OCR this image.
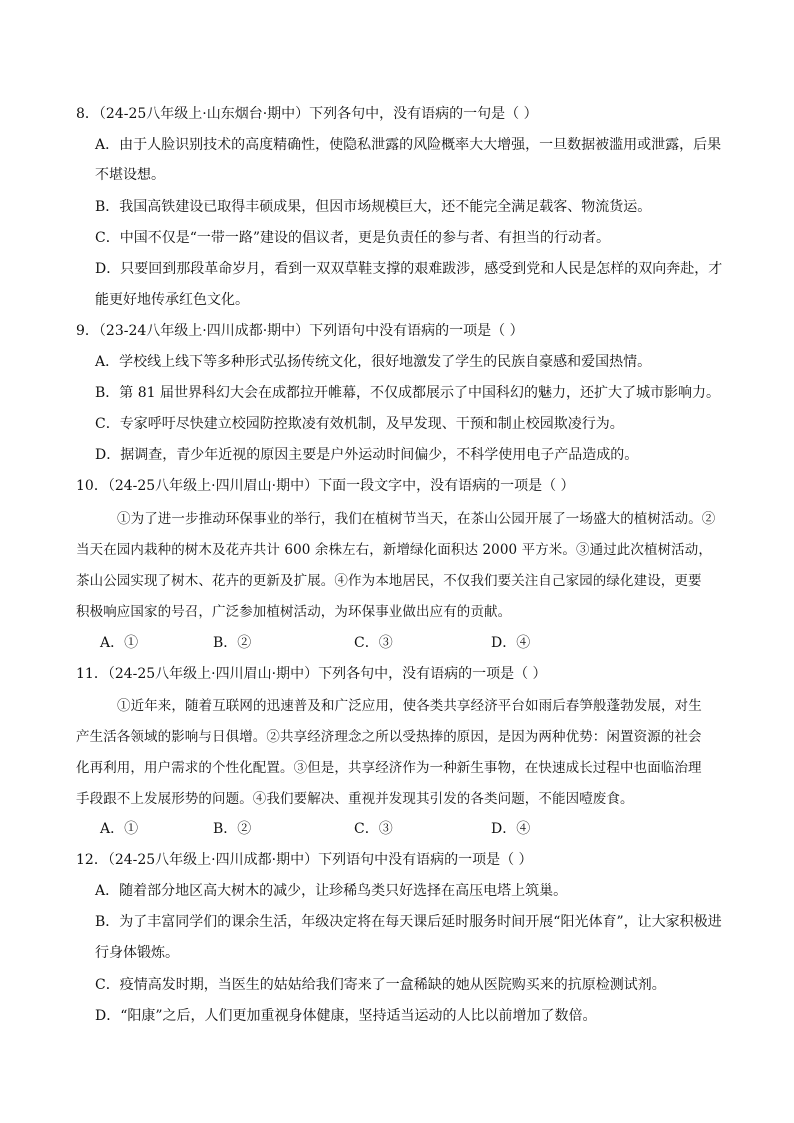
8．（24-25八年级上·山东烟台·期中）下列各句中，没有语病的一句是（ ）
A．由于人脸识别技术的高度精确性，使隐私泄露的风险概率大大增强，一旦数据被滥用或泄露，后果
不堪设想。
B．我国高铁建设已取得丰硕成果，但因市场规模巨大，还不能完全满足载客、物流货运。
C．中国不仅是“一带一路”建设的倡议者，更是负责任的参与者、有担当的行动者。
D．只要回到那段革命岁月，看到一双双草鞋支撑的艰难跋涉，感受到党和人民是怎样的双向奔赴，才
能更好地传承红色文化。
9．（23-24八年级上·四川成都·期中）下列语句中没有语病的一项是（ ）
A．学校线上线下等多种形式弘扬传统文化，很好地激发了学生的民族自豪感和爱国热情。
B．第 81 届世界科幻大会在成都拉开帷幕，不仅成都展示了中国科幻的魅力，还扩大了城市影响力。
C．专家呼吁尽快建立校园防控欺凌有效机制，及早发现、干预和制止校园欺凌行为。
D．据调查，青少年近视的原因主要是户外运动时间偏少，不科学使用电子产品造成的。
10．（24-25八年级上·四川眉山·期中）下面一段文字中，没有语病的一项是（ ）
①为了进一步推动环保事业的举行，我们在植树节当天，在茶山公园开展了一场盛大的植树活动。②
当天在园内栽种的树木及花卉共计 600 余株左右，新增绿化面积达 2000 平方米。③通过此次植树活动，
茶山公园实现了树木、花卉的更新及扩展。④作为本地居民，不仅我们要关注自己家园的绿化建设，更要
积极响应国家的号召，广泛参加植树活动，为环保事业做出应有的贡献。
A．①	B．②	C．③	D．④
11．（24-25八年级上·四川眉山·期中）下列各句中，没有语病的一项是（ ）
①近年来，随着互联网的迅速普及和广泛应用，使各类共享经济平台如雨后春笋般蓬勃发展，对生
产生活各领域的影响与日俱增。②共享经济理念之所以受热捧的原因，是因为两种优势：闲置资源的社会
化再利用，用户需求的个性化配置。③但是，共享经济作为一种新生事物，在快速成长过程中也面临治理
手段跟不上发展形势的问题。④我们要解决、重视并发现其引发的各类问题，不能因噎废食。
A．①	B．②	C．③	D．④
12．（24-25八年级上·四川成都·期中）下列语句中没有语病的一项是（ ）
A．随着部分地区高大树木的减少，让珍稀鸟类只好选择在高压电塔上筑巢。
B．为了丰富同学们的课余生活，年级决定将在每天课后延时服务时间开展“阳光体育”，让大家积极进
行身体锻炼。
C．疫情高发时期，当医生的姑姑给我们寄来了一盒稀缺的她从医院购买来的抗原检测试剂。
D．“阳康”之后，人们更加重视身体健康，坚持适当运动的人比以前增加了数倍。
